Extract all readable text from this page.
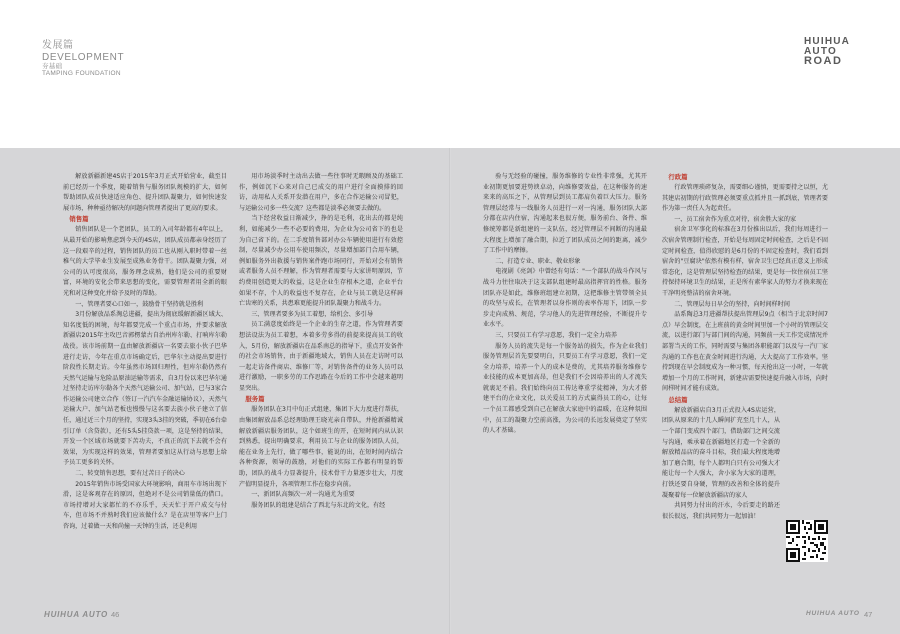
发展篇
DEVELOPMENT
夯基础
TAMPING FOUNDATION
HUIHUA AUTO
ROAD

解放新疆新建4S店于2015年3月正式开始营业，截至目前已经历一个季度，随着销售与服务团队规模的扩大，如何帮助团队成员快速适应角色、提升团队凝聚力，如何快速发展市场，种种亟待解决的问题向管理者提出了更高的要求。

销售篇

销售团队是一个老团队，员工的入司年龄都有4年以上，从最开始的影响焦虑到今天的4S店，团队成员都亲身经历了这一段艰辛的过程，销售团队的员工也从刚入职时带着一丝稚气的大学毕业生发展至成熟业务骨干。团队凝聚力强，对公司的认可度很高，服务理念成熟，他们是公司的重要财富，环境的安化会带来思想的变化，需要管理者用全新的眼光和对这种变化并给予及时的帮助。

一、管理者要心口如一，鼓励骨干坚持就是胜利

3月份解放品系淘总进疆，提出为彻底缓解新疆区域大、知名度低的困境，每年都要完成一个重点市场，并要求解放新疆店2015年主攻巴音郭楞蒙古自治州库尔勒、打响库尔勒战役。该市场前期一直由解放新疆店一名要去旅小伙子巴华进行走访，今年在重点市场确定后，巴华尔主动提出要进行阶段性长期走访。今年虽然市场回归理性，但库尔勒仍然有天然气运输与危险品原油运输等需求，自3月份以来巴华尔通过坚持走访库尔勒各个天然气运输公司、加气站，已与3家合作运输公司建立合作（签订一汽汽车金融运输协议），天然气运输大户、加气站老板也慢慢与这名要去族小伙子建立了信任，通过近三个月的坚持，实现3头3挂的突破，季初在6台牵引订单（含贷款），还有5头5挂贷款一项，这是坚持的结果，开发一个区域市场就要下苦功夫，不真正的沉下去就不会有效果，为实现这样的效果，管理者要加这从行动与思想上给予员工更多的关怀。

二、转变销售思想，要有过苦日子的决心

2015年销售市场受国家大环境影响，商用车市场出现下滑，这是客观存在的原因，但绝对不是公司销量低的借口。市场持增对大家都忙的不亦乐乎，天天忙于开户成交与付车，但市场不并熟时我们应该做什么？是在店里等客户上门咨询，过着做一天和尚撞一天钟的生活，还是利用

用市场淡季时主动出去做一些往事时无暇顾及的基础工作，例如沉下心来对自己已成交的用户进行全面摸排的回访，动用私人关系开发潜在用户，多在合作运输公司冒犯，与运输公司多一些交流？这些都是淡季必须要去做的。

当下经营收益日渐减少，挣的是毛利，花出去的都是纯利，如能减少一些不必要的费用，为企业为公司省下的也是为自己省下的。在二手度销售部对办公车辆使用进行有效控制，尽量减少办公用车使用频次，尽量增加部门合用车辆，例如服务外出救援与销售案件跑市场同行，开始对会有销售或者服务人员不理解，作为管理者需要与大家讲明原因，节约费用创造更大的收益，这是企业生存根本之道，企业平台如果不存，个人的收益也不复存在，企业与员工就是这样唇亡齿寒的关系，共患难更能提升团队凝聚力和战斗力。

三、管理者要多为员工着想，给机会、多引导

员工满意度始终是一个企业的生存之道，作为管理者要想法设法为员工着想，本着多劳多得的前提来提高员工的收入，5月份，解放新疆店在品系南总的指导下，重点开发备件的社会市场销售，由于新疆地域大，销售人员在走访时可以一起走访备件商店、维修厂等，对销售备件的业务人员可以进行激励，一职多劳的工作思路在今后的工作中会越来越明显突出。

服务篇

服务团队在3月中旬正式组建，集团下大力度进行帮扶，由集团解放品系总经理助理王晓光亲自带队，并抢新疆精诚解放新疆店服务团队，这个如班生的开，在短时间内从认识到熟悉，提出明确要求，利用员工与企业的服务团队人员，能在业务上先行，做了哪些事，能说的出，在短时间内结合各种资源，领导的鼓励，对他们的实际工作都有明显的帮助，团队的战斗力显著提升，技术骨干力量逐步壮大，月度产值明显提升，各项管理工作在稳步向前。

一、新团队高频次一对一沟通尤为重要

服务团队的组建是结合了西北与东北的文化，有经

验与无经验的碰撞，服务维修的专业性非常强，尤其开业初期更加要进势谀卓动，向维修要效益，在这种服务的速来来的高压之下，从管理层到员工都肩负着巨大压力。服务管理层经常与一线服务人员进行一对一沟通，服务团队大部分都在店内住宿，沟通起来也很方便，服务前台、备件、维修统筹都是新组建的一支队伍，经过管理层不间断的沟通最大程度上增加了融合期，拉近了团队成员之间的距离，减少了工作中的摩擦。

二、打造专业、职业、敬业形象

电视剧《亮剑》中曾经有句话："一个部队的战斗作风与战斗力往往取决于这支部队组建时最高指挥官的性格。服务团队亦是如此，维修班组建立初期，这把维修主管带领全员的攻坚与成长，在管理者以身作则的表率作用下，团队一步步走向成熟、规范，学习他人的先进管理经验，不断提升专业水平。

三、只要员工有学习意愿，我们一定全力培养

服务人员的流失是每一个服务站的损失，作为企业我们服务管理层首先要要明白，只要员工有学习意愿，我们一定全力培养，培养一个人的成本是费的，尤其培养服务维修专业技能的成本更加高昂，但是我们不会因培养出的人才流失就裹足不前。我们始终向员工传达尊重学徒精神，为大才搭建平台的企业文化，以关爱员工的方式赢得员工的心，让每一个员工都感受到自己在解放大家庭中的温暖，在这种氛围中，员工的凝聚力空前高涨，为公司的长远发展奠定了坚实的人才基础。

行政篇

行政管理琐碎复杂，需要细心谨慎，更需要持之以恒，尤其建店初期的行政管理必须要重点抓并且一抓到底，管理者要作为第一责任人为起责任。

一、员工宿舍作为重点对待，宿舍胜大家的家

宿舍卫军事化的标准在3月份推出以后，我们每周进行一次宿舍管理制行检查，开始是每周固定时间检查，之后是不固定时间检查，值得欣慰的是6月份的不固定检查时，我们看到宿舍的"豆腐块"依然有模有样，宿舍卫生已经真正意义上形成常态化，这是管理层坚持检查的结果，更是每一位住宿员工坚持保持环境卫生的结果，正是所有素华家人的努力才换来现在干净明亮整洁的宿舍环境。

二、管理层每日早会的坚持，向时间样时间

品系陶总3月进疆帮扶提出管理层9点（相当于北京时间7点）早会制度，在上班前的黄金时间里加一个小时的管理层交流，以进行部门与部门间的沟通，同频前一天工作完成情况并部署当天的工作，同时需要与集团各职能部门以及与一汽厂家沟通的工作也在黄金时间进行沟通，大大提高了工作效率。坚持到现在早会制度成为一种习惯，每天抢出这一小时，一年就增加一个月的工作时间，新建店需要快速提升融入市场，向时间样时间才能有成效。

总结篇

解放新疆店自3月正式投入4S店运营，团队从原来的十几人瞬间扩充至几十人，从一个部门变成四个部门，借助部门之间交流与沟通，乘承着在新疆地区打造一个全新的解放精品店的奋斗目标，我们最大程度地增加了磨合期，每个人都明白只有公司强大才能让每一个人强大，舍小家为大家的道理，打铁还要自身硬，管理的改善和全体的提升凝聚着每一位解放新疆店的家人

共同努力付出的汗水，今后要走的路还很长很远，我们共同努力一起加油！

HUIHUA AUTO 46	HUIHUA AUTO 47
